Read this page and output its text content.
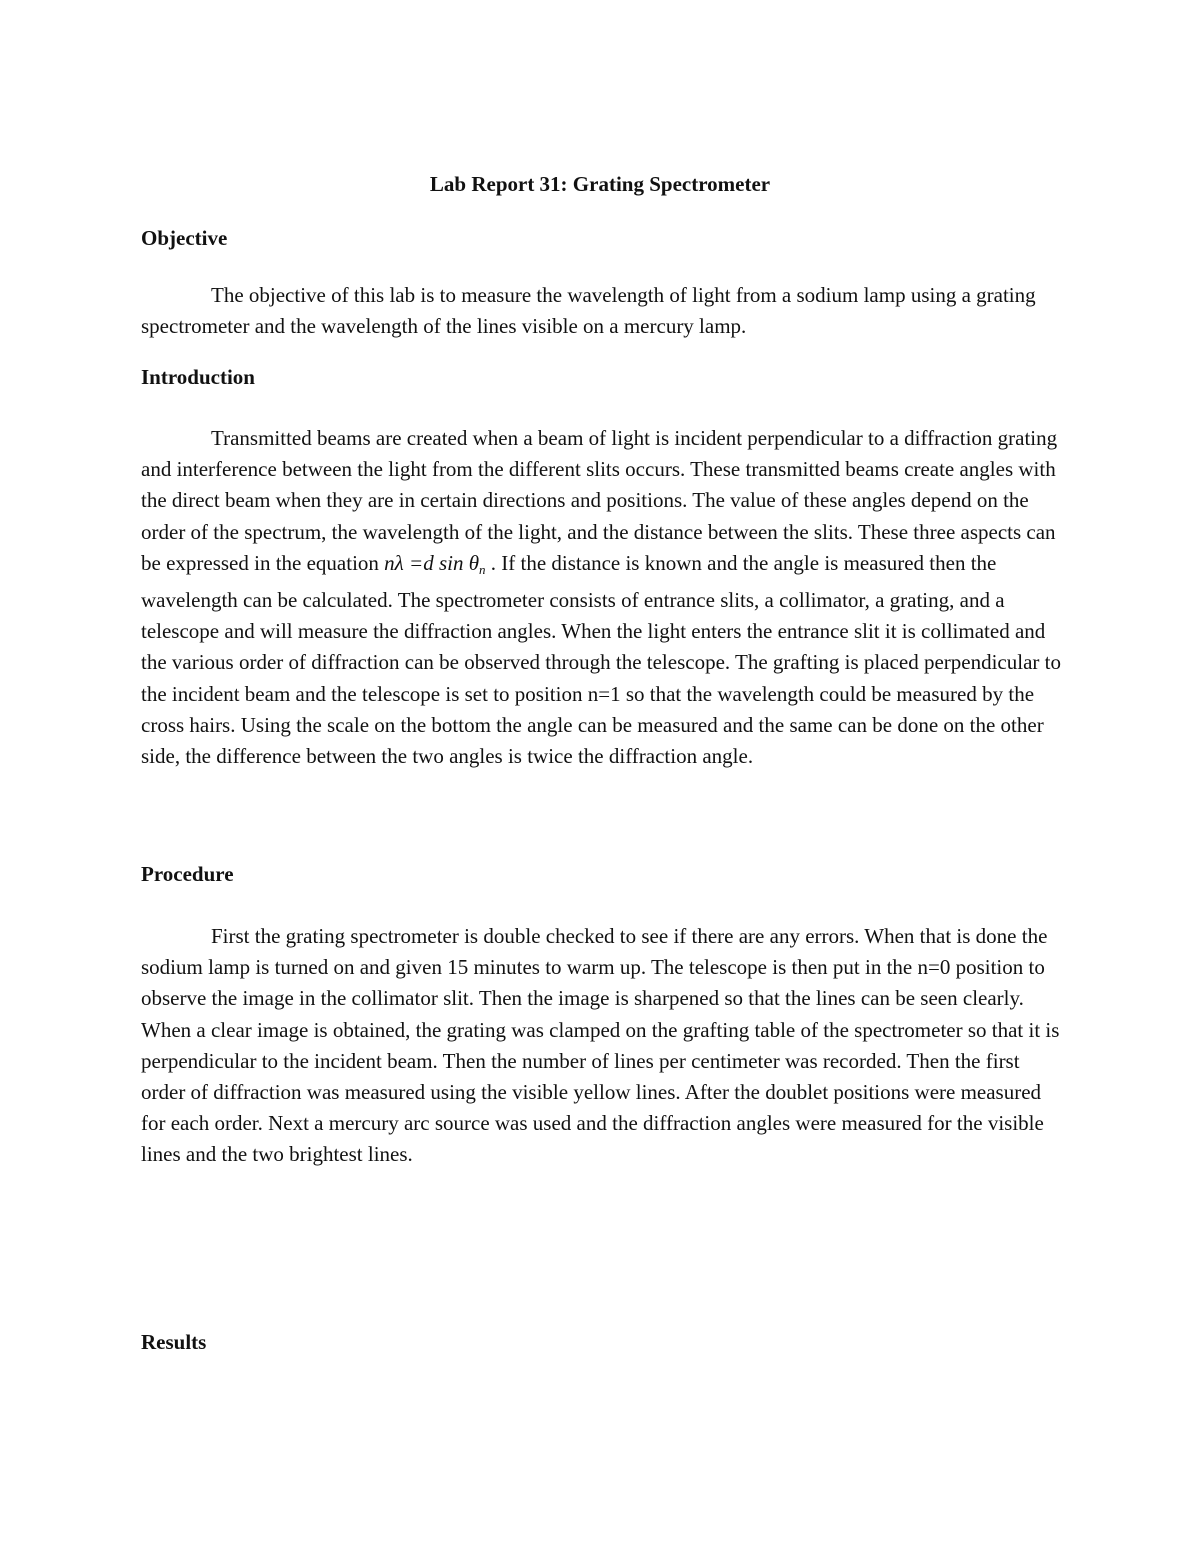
Lab Report 31: Grating Spectrometer
Objective

The objective of this lab is to measure the wavelength of light from a sodium lamp using a grating spectrometer and the wavelength of the lines visible on a mercury lamp.

Introduction

Transmitted beams are created when a beam of light is incident perpendicular to a diffraction grating and interference between the light from the different slits occurs. These transmitted beams create angles with the direct beam when they are in certain directions and positions. The value of these angles depend on the order of the spectrum, the wavelength of the light, and the distance between the slits. These three aspects can be expressed in the equation nλ =d $\sin \theta_n$ . If the distance is known and the angle is measured then the wavelength can be calculated. The spectrometer consists of entrance slits, a collimator, a grating, and a telescope and will measure the diffraction angles. When the light enters the entrance slit it is collimated and the various order of diffraction can be observed through the telescope. The grafting is placed perpendicular to the incident beam and the telescope is set to position n=1 so that the wavelength could be measured by the cross hairs. Using the scale on the bottom the angle can be measured and the same can be done on the other side, the difference between the two angles is twice the diffraction angle.

Procedure

First the grating spectrometer is double checked to see if there are any errors. When that is done the sodium lamp is turned on and given 15 minutes to warm up. The telescope is then put in the n=0 position to observe the image in the collimator slit. Then the image is sharpened so that the lines can be seen clearly. When a clear image is obtained, the grating was clamped on the grafting table of the spectrometer so that it is perpendicular to the incident beam. Then the number of lines per centimeter was recorded. Then the first order of diffraction was measured using the visible yellow lines. After the doublet positions were measured for each order. Next a mercury arc source was used and the diffraction angles were measured for the visible lines and the two brightest lines.

Results
